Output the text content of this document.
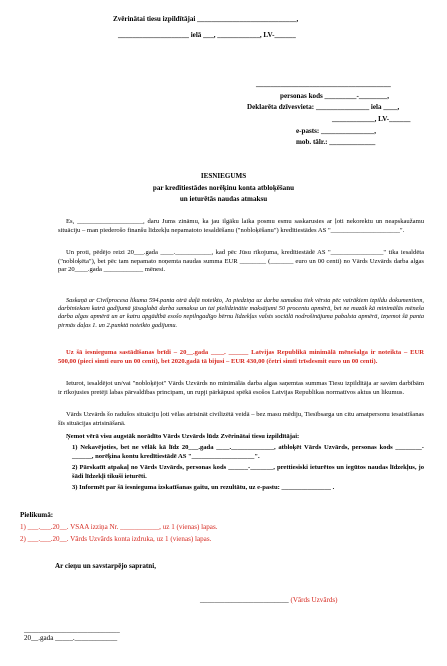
Zvērinātai tiesu izpildītājai ____________________________,
____________________ ielā ___, ____________, LV-______
______________________________________
personas kods _________-________,
Deklarēta dzīvesvieta: _______________ iela ____,
____________, LV-______
e-pasts: _______________,
mob. tālr.: _____________
IESNIEGUMS
par kredītiestādes norēķinu konta atbloķēšanu
un ieturētās naudas atmaksu
Es, ____________________, daru Jums zināmu, ka jau ilgāku laika posmu esmu saskarusies ar ļoti nekorektu un neapskaužamu situāciju – man piederošo finanšu līdzekļu nepamatoto iesaldēšanu ("nobloķēšanu") kredītiestādes AS "_____________________".
Un proti, pēdējo reizi 20___.gada ____.___________, kad pēc Jūsu rīkojuma, kredītiestādē AS "________________" tika iesaldēta ("nobloķēta"), bet pēc tam nepamato noņemta naudas summa EUR ________ (_______ euro un 00 centi) no Vārds Uzvārds darba algas par 20____.gada ____________ mēnesi.
Saskaņā ar Civilprocesa likuma 594.panta otrā daļā noteikto, Ja piedziņa uz darba samaksu tiek vērsta pēc vairākiem izpildu dokumentiem, darbiniekam katrā gadījumā jāsaglabā darba samaksa un tai pielīdzinātie maksājumi 50 procentu apmērā, bet ne mazāk kā minimālās mēneša darba algas apmērā un ar katru apgādībā esošo nepilngadīgo bērnu līdzekļus valsts sociālā nodrošinājuma pabalsta apmērā, izņemot šā panta pirmās daļas 1. un 2.punktā noteikto gadījumu.
Uz šā iesnieguma sastādīšanas brīdi – 20__.gada ____. ______ Latvijas Republikā minimālā mēnešalga ir noteikta – EUR 500,00 (pieci simti euro un 00 centi), bet 2020.gadā tā bijusi – EUR 430,00 (četri simti trīsdesmit euro un 00 centi).
Ieturot, iesaldējot un/vai "nobloķējot" Vārds Uzvārds no minimālās darba algas saņemtas summas Tiesu izpildītāja ar savām darbībām ir rīkojusies pretēji labas pārvaldības principam, un rupji pārkāpusi spēkā esošos Latvijas Republikas normatīvos aktus un likumus.
Vārds Uzvārds šo radušos situāciju ļoti vēlas atrisināt civilizētā veidā – bez masu mēdiju, Tiesībsarga un citu amatpersonu iesaistīšanas šīs situācijas atrisināšanā.
Ņemot vērā visu augstāk norādīto Vārds Uzvārds lūdz Zvērinātai tiesu izpildītājai:
1) Nekavējoties, bet ne vēlāk kā līdz 20___.gada ____._____________, atbloķēt Vārds Uzvārds, personas kods ________-______, norēķina kontu kredītiestādē AS "___________________".
2) Pārskatīt atpakaļ no Vārds Uzvārds, personas kods ______-_______, prettiesiski ieturētos un iegūtos naudas līdzekļus, jo šādi līdzekļi tikuši ieturēti.
3) Informēt par šā iesnieguma izskatīšanas gaitu, un rezultātu, uz e-pastu: _______________ .
Pielikumā:
1) ___.___.20__. VSAA izziņa Nr. ___________, uz 1 (vienas) lapas.
2) ___.___.20__. Vārds Uzvārds konta izdruka, uz 1 (vienas) lapas.
Ar cieņu un savstarpējo sapratni,
_________________________ (Vārds Uzvārds)
___________________________
20__.gada _____.____________
